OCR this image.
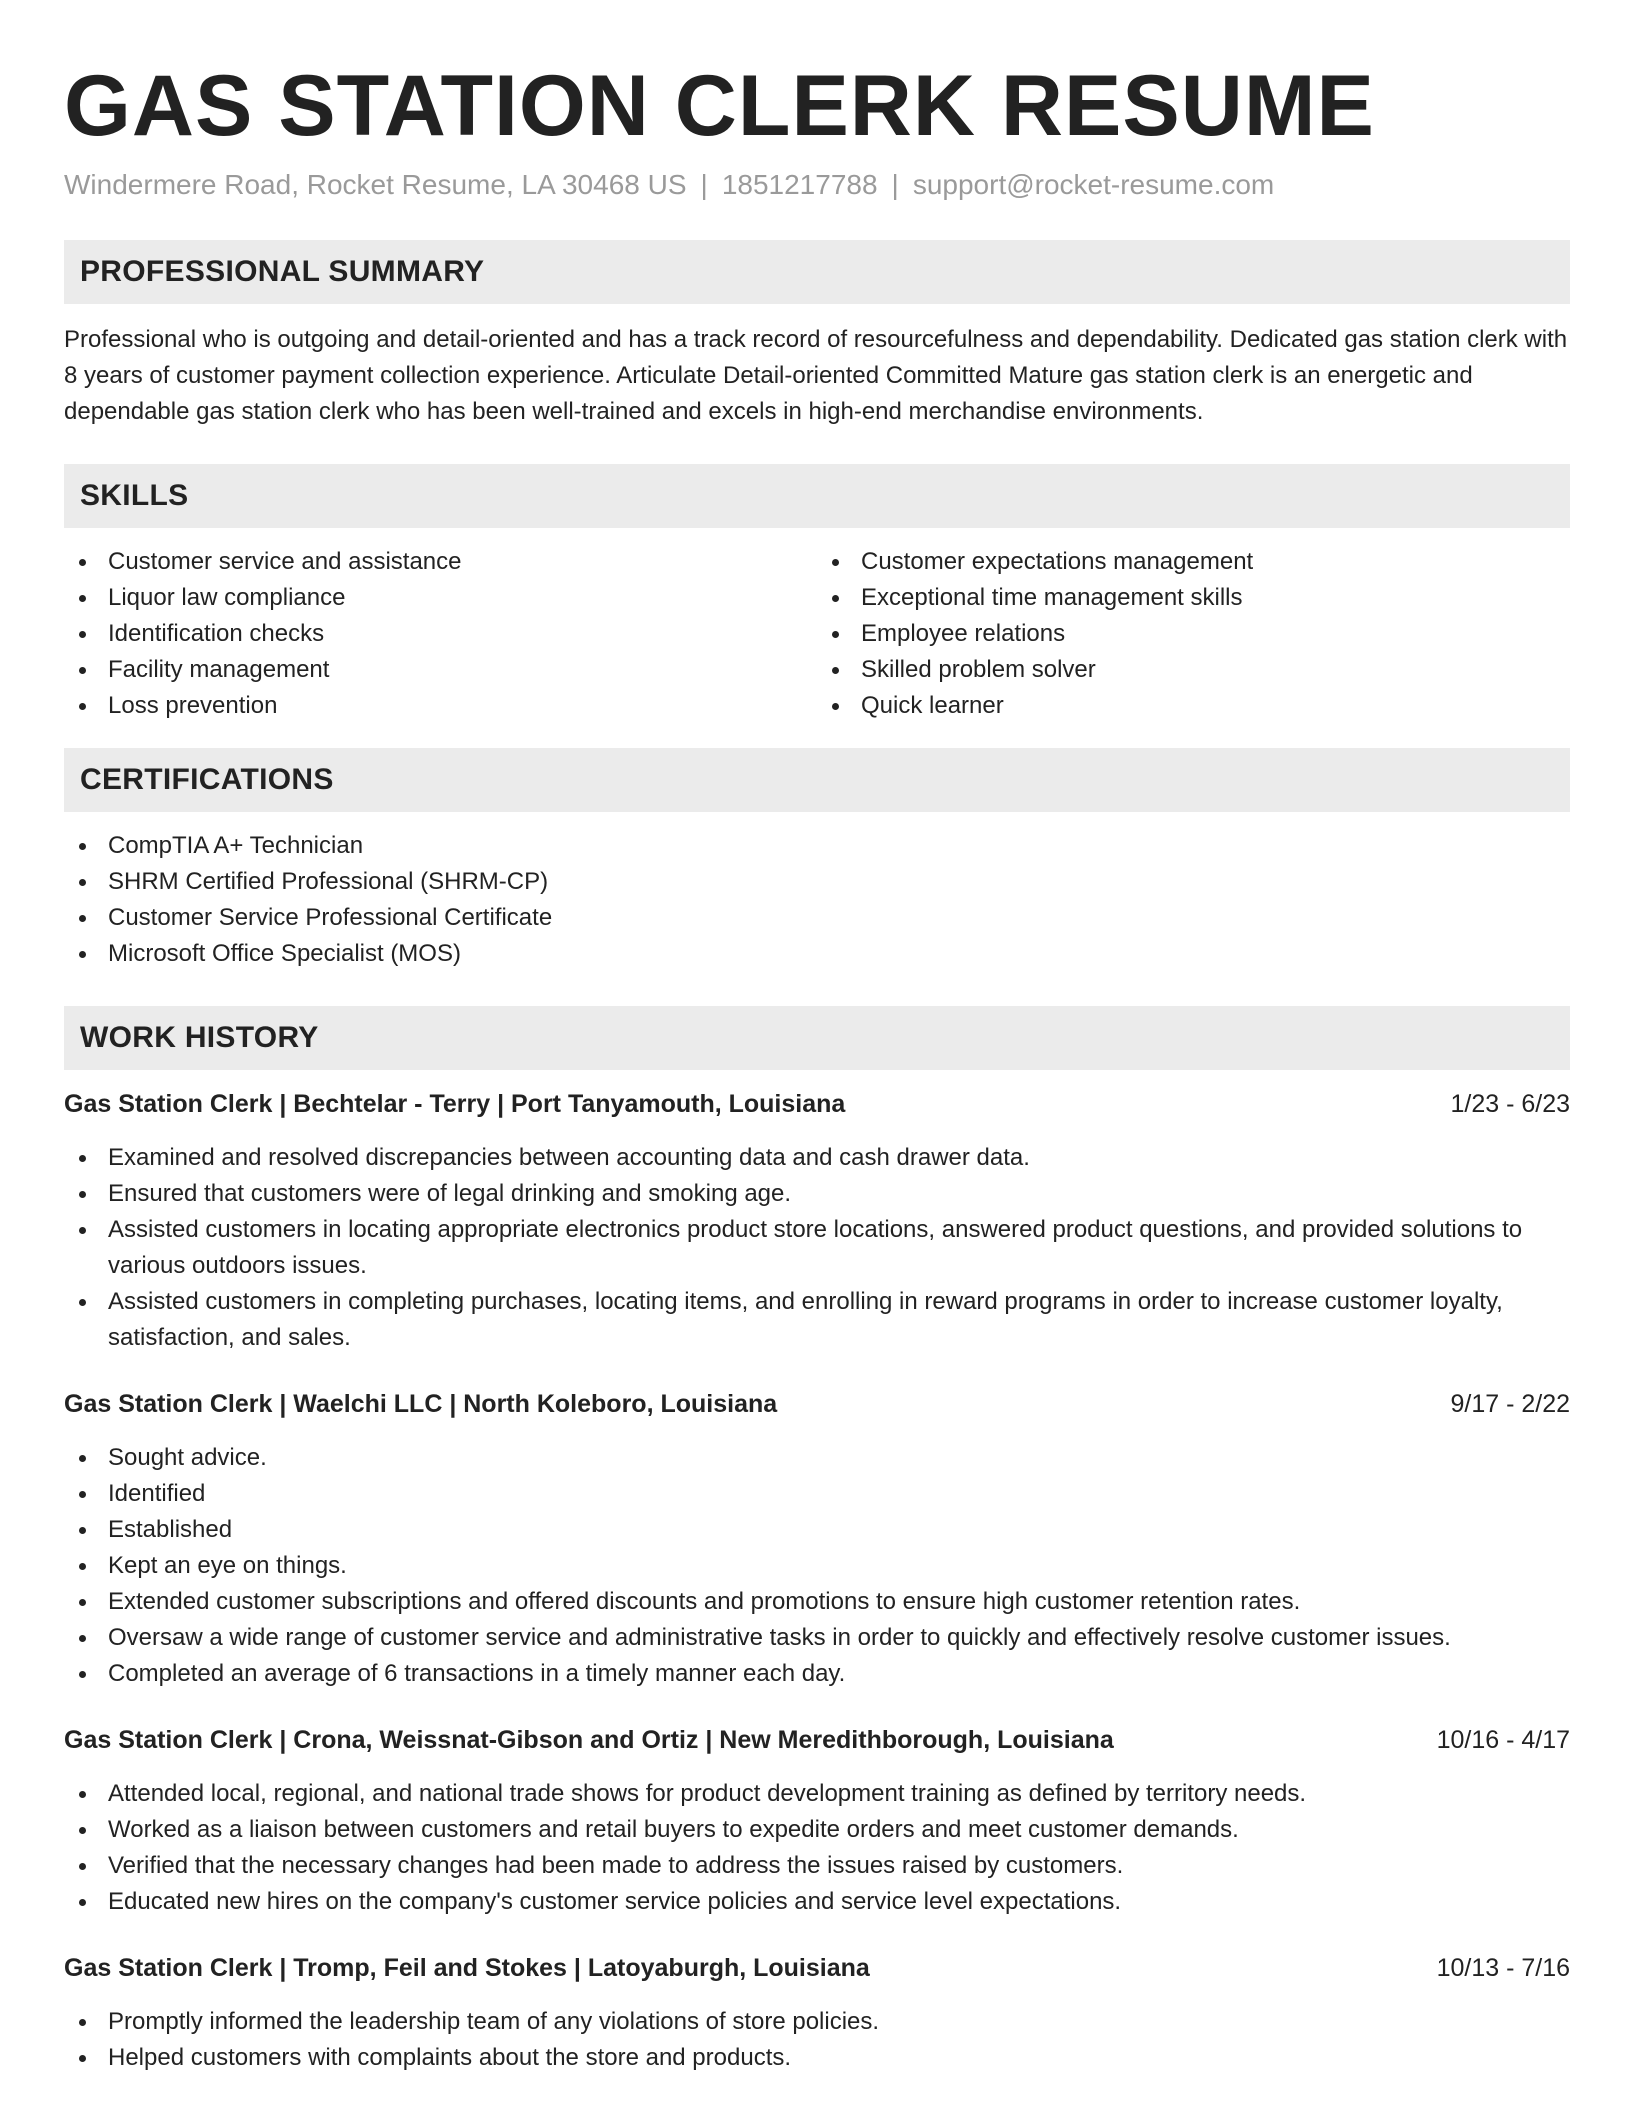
GAS STATION CLERK RESUME
Windermere Road, Rocket Resume, LA 30468 US | 1851217788 | support@rocket-resume.com
PROFESSIONAL SUMMARY

Professional who is outgoing and detail-oriented and has a track record of resourcefulness and dependability. Dedicated gas station clerk with 8 years of customer payment collection experience. Articulate Detail-oriented Committed Mature gas station clerk is an energetic and dependable gas station clerk who has been well-trained and excels in high-end merchandise environments.

SKILLS
Customer service and assistance
Liquor law compliance
Identification checks
Facility management
Loss prevention
Customer expectations management
Exceptional time management skills
Employee relations
Skilled problem solver
Quick learner
CERTIFICATIONS
CompTIA A+ Technician
SHRM Certified Professional (SHRM-CP)
Customer Service Professional Certificate
Microsoft Office Specialist (MOS)
WORK HISTORY
Gas Station Clerk | Bechtelar - Terry | Port Tanyamouth, Louisiana	1/23 - 6/23
Examined and resolved discrepancies between accounting data and cash drawer data.
Ensured that customers were of legal drinking and smoking age.
Assisted customers in locating appropriate electronics product store locations, answered product questions, and provided solutions to various outdoors issues.
Assisted customers in completing purchases, locating items, and enrolling in reward programs in order to increase customer loyalty, satisfaction, and sales.
Gas Station Clerk | Waelchi LLC | North Koleboro, Louisiana	9/17 - 2/22
Sought advice.
Identified
Established
Kept an eye on things.
Extended customer subscriptions and offered discounts and promotions to ensure high customer retention rates.
Oversaw a wide range of customer service and administrative tasks in order to quickly and effectively resolve customer issues.
Completed an average of 6 transactions in a timely manner each day.
Gas Station Clerk | Crona, Weissnat-Gibson and Ortiz | New Meredithborough, Louisiana	10/16 - 4/17
Attended local, regional, and national trade shows for product development training as defined by territory needs.
Worked as a liaison between customers and retail buyers to expedite orders and meet customer demands.
Verified that the necessary changes had been made to address the issues raised by customers.
Educated new hires on the company's customer service policies and service level expectations.
Gas Station Clerk | Tromp, Feil and Stokes | Latoyaburgh, Louisiana	10/13 - 7/16
Promptly informed the leadership team of any violations of store policies.
Helped customers with complaints about the store and products.
